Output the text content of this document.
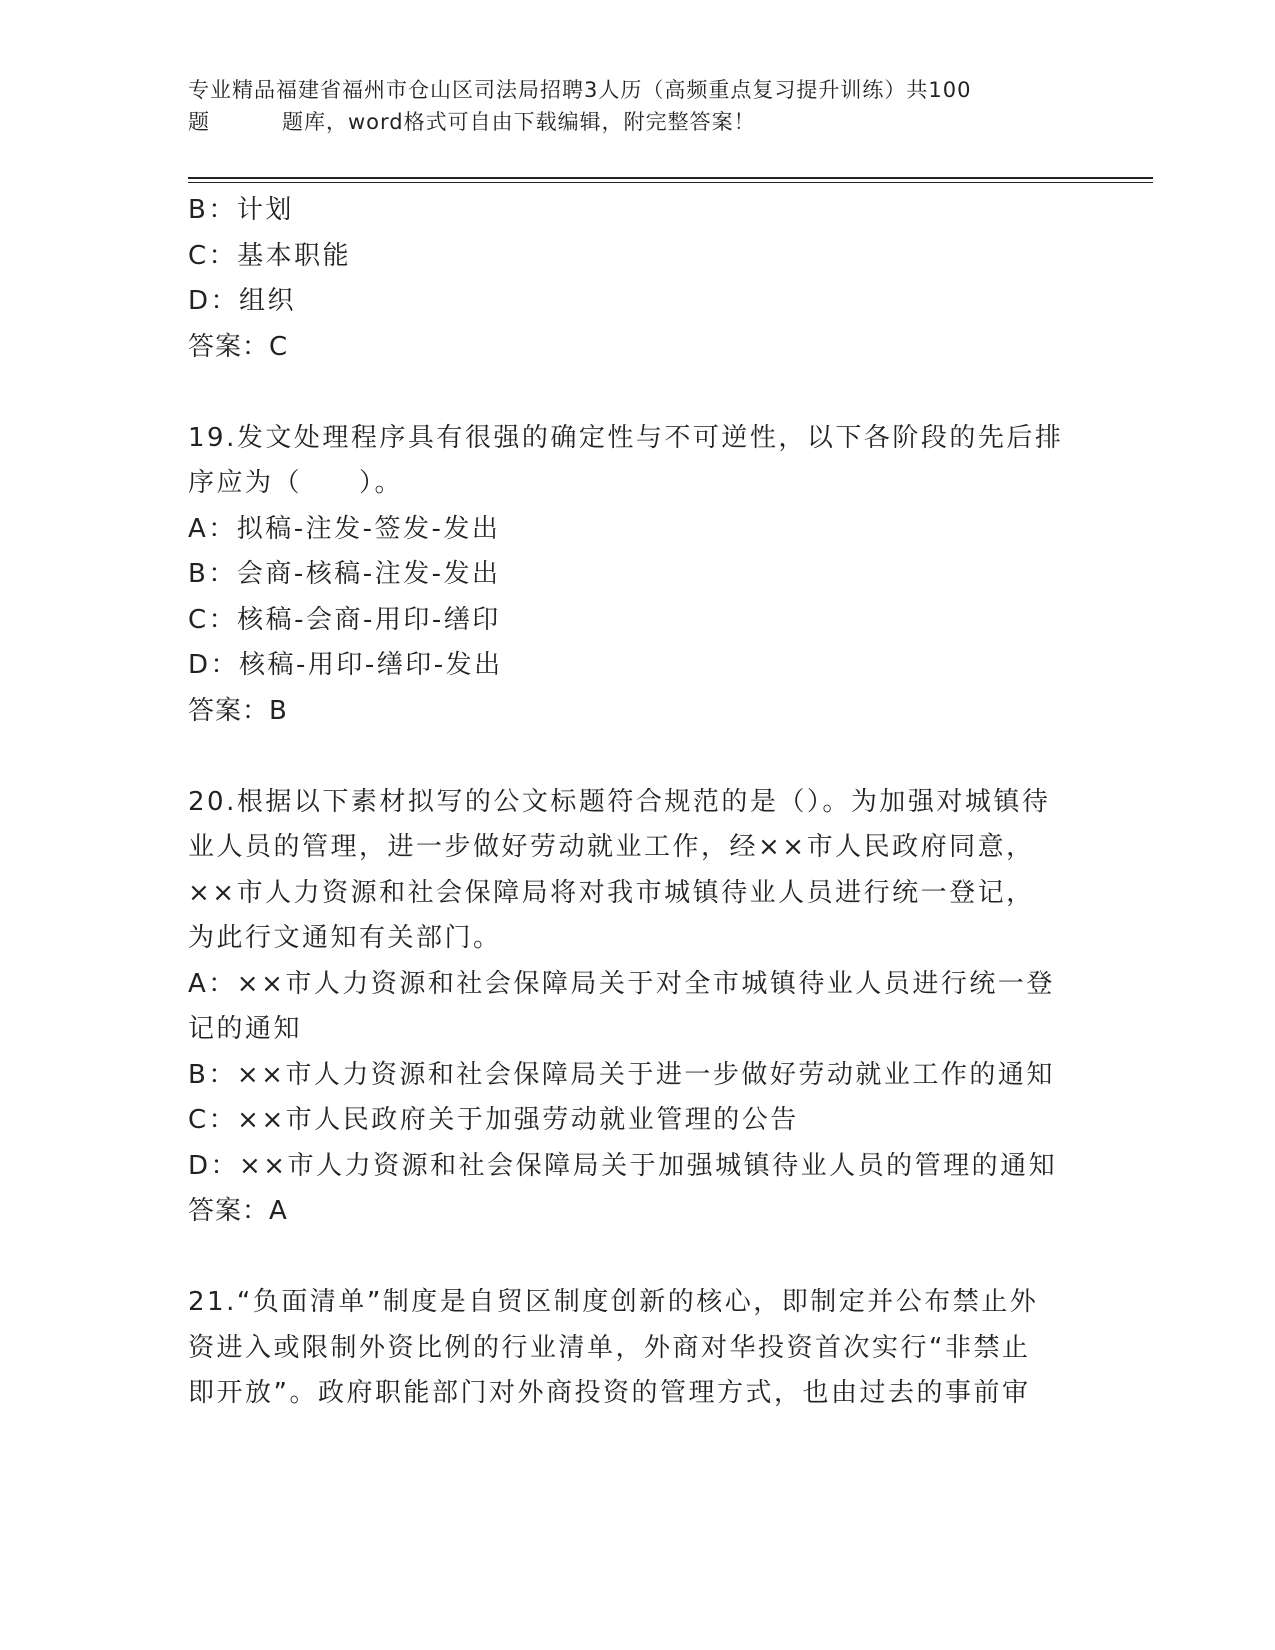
专业精品福建省福州市仓山区司法局招聘3人历（高频重点复习提升训练）共100
题	题库，word格式可自由下载编辑，附完整答案！
B：计划
C：基本职能
D：组织
答案：C
19.发文处理程序具有很强的确定性与不可逆性，以下各阶段的先后排
序应为（　　）。
A：拟稿-注发-签发-发出
B：会商-核稿-注发-发出
C：核稿-会商-用印-缮印
D：核稿-用印-缮印-发出
答案：B
20.根据以下素材拟写的公文标题符合规范的是（）。为加强对城镇待
业人员的管理，进一步做好劳动就业工作，经××市人民政府同意，
××市人力资源和社会保障局将对我市城镇待业人员进行统一登记，
为此行文通知有关部门。
A：××市人力资源和社会保障局关于对全市城镇待业人员进行统一登
记的通知
B：××市人力资源和社会保障局关于进一步做好劳动就业工作的通知
C：××市人民政府关于加强劳动就业管理的公告
D：××市人力资源和社会保障局关于加强城镇待业人员的管理的通知
答案：A
21.“负面清单”制度是自贸区制度创新的核心，即制定并公布禁止外
资进入或限制外资比例的行业清单，外商对华投资首次实行“非禁止
即开放”。政府职能部门对外商投资的管理方式，也由过去的事前审
